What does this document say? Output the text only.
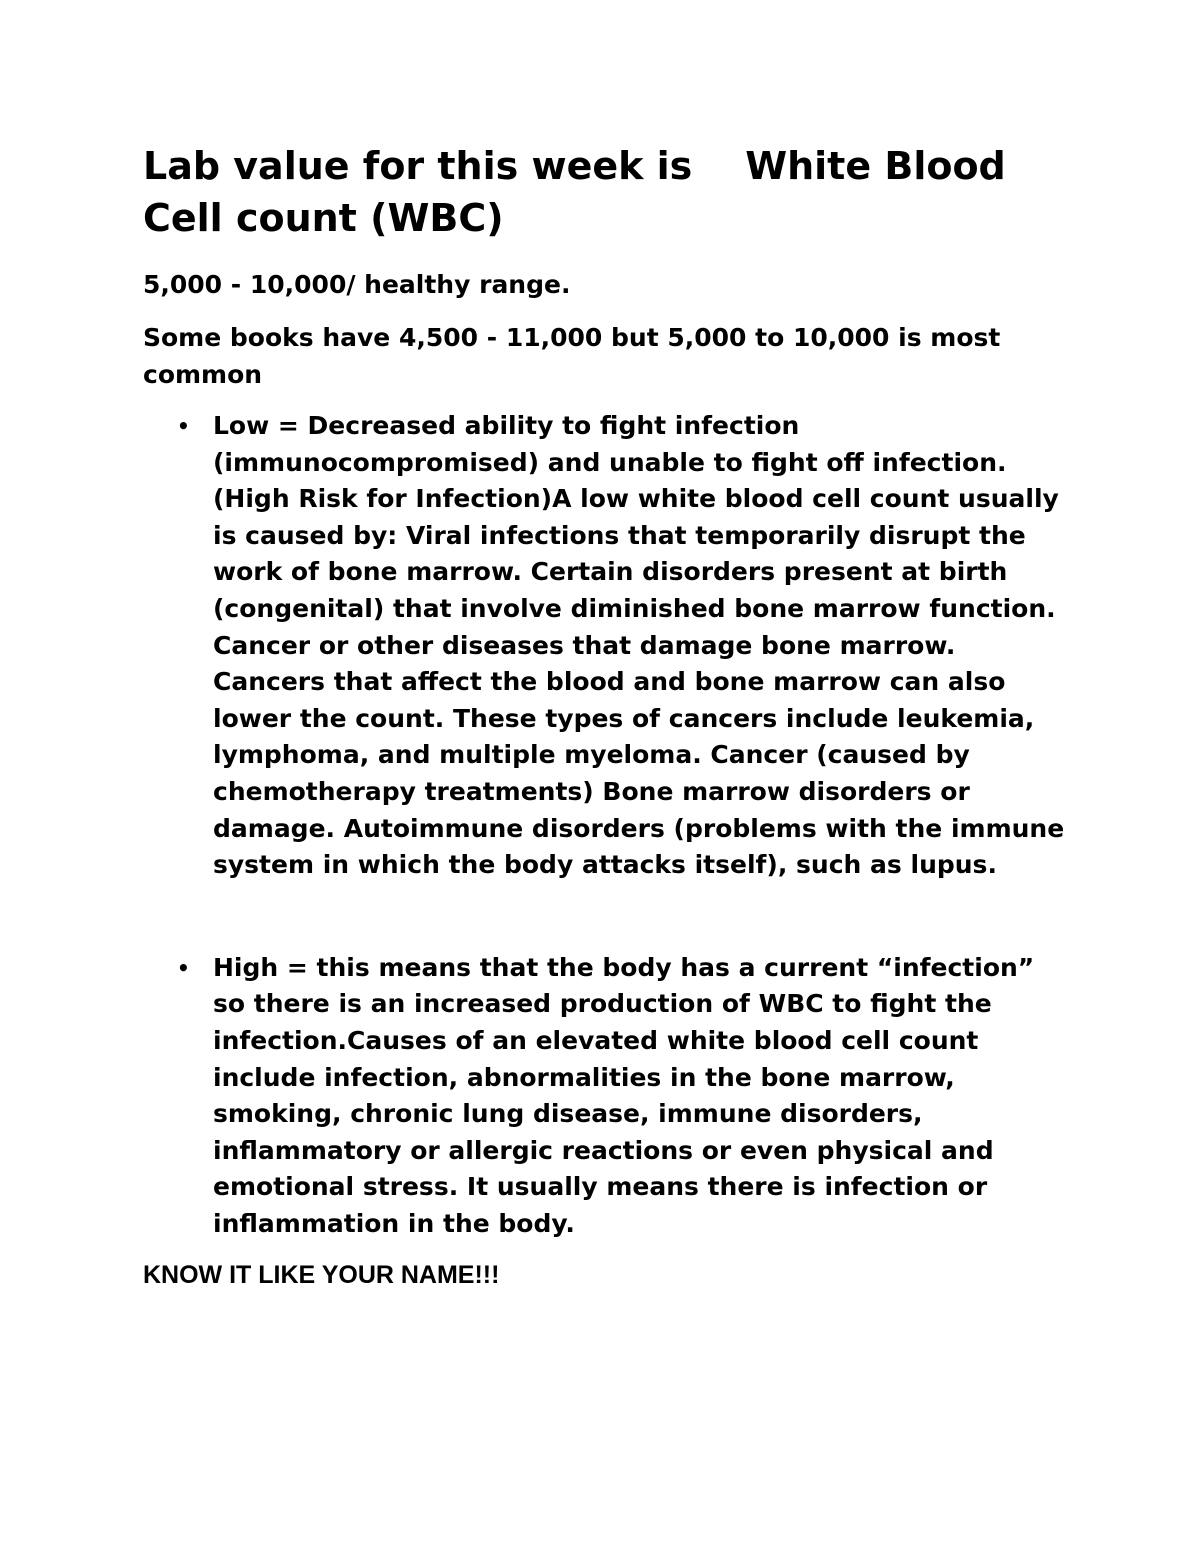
Lab value for this week is    White Blood Cell count (WBC)

5,000 - 10,000/ healthy range.

Some books have 4,500 - 11,000 but 5,000 to 10,000 is most common

• Low = Decreased ability to fight infection (immunocompromised) and unable to fight off infection. (High Risk for Infection)A low white blood cell count usually is caused by: Viral infections that temporarily disrupt the work of bone marrow. Certain disorders present at birth (congenital) that involve diminished bone marrow function. Cancer or other diseases that damage bone marrow. Cancers that affect the blood and bone marrow can also lower the count. These types of cancers include leukemia, lymphoma, and multiple myeloma. Cancer (caused by chemotherapy treatments) Bone marrow disorders or damage. Autoimmune disorders (problems with the immune system in which the body attacks itself), such as lupus.
• High = this means that the body has a current “infection” so there is an increased production of WBC to fight the infection.Causes of an elevated white blood cell count include infection, abnormalities in the bone marrow, smoking, chronic lung disease, immune disorders, inflammatory or allergic reactions or even physical and emotional stress. It usually means there is infection or inflammation in the body.

KNOW IT LIKE YOUR NAME!!!
